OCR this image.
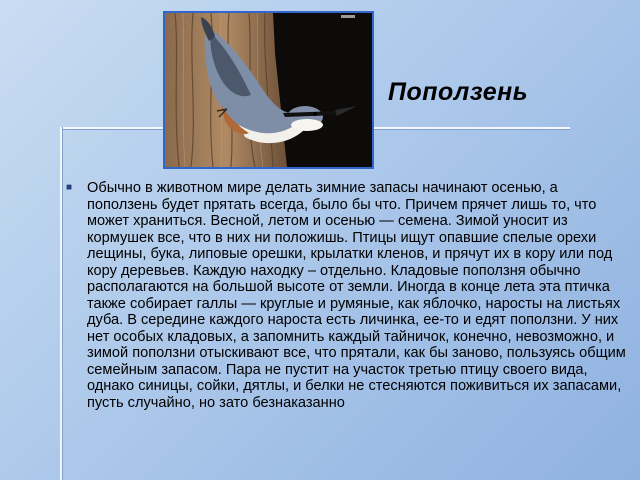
Поползень
■ Обычно в животном мире делать зимние запасы начинают осенью, а поползень будет прятать всегда, было бы что. Причем прячет лишь то, что может храниться. Весной, летом и осенью — семена. Зимой уносит из кормушек все, что в них ни положишь. Птицы ищут опавшие спелые орехи лещины, бука, липовые орешки, крылатки кленов, и прячут их в кору или под кору деревьев. Каждую находку – отдельно. Кладовые поползня обычно располагаются на большой высоте от земли. Иногда в конце лета эта птичка также собирает галлы — круглые и румяные, как яблочко, наросты на листьях дуба. В середине каждого нароста есть личинка, ее-то и едят поползни. У них нет особых кладовых, а запомнить каждый тайничок, конечно, невозможно, и зимой поползни отыскивают все, что прятали, как бы заново, пользуясь общим семейным запасом. Пара не пустит на участок третью птицу своего вида, однако синицы, сойки, дятлы, и белки не стесняются поживиться их запасами, пусть случайно, но зато безнаказанно
